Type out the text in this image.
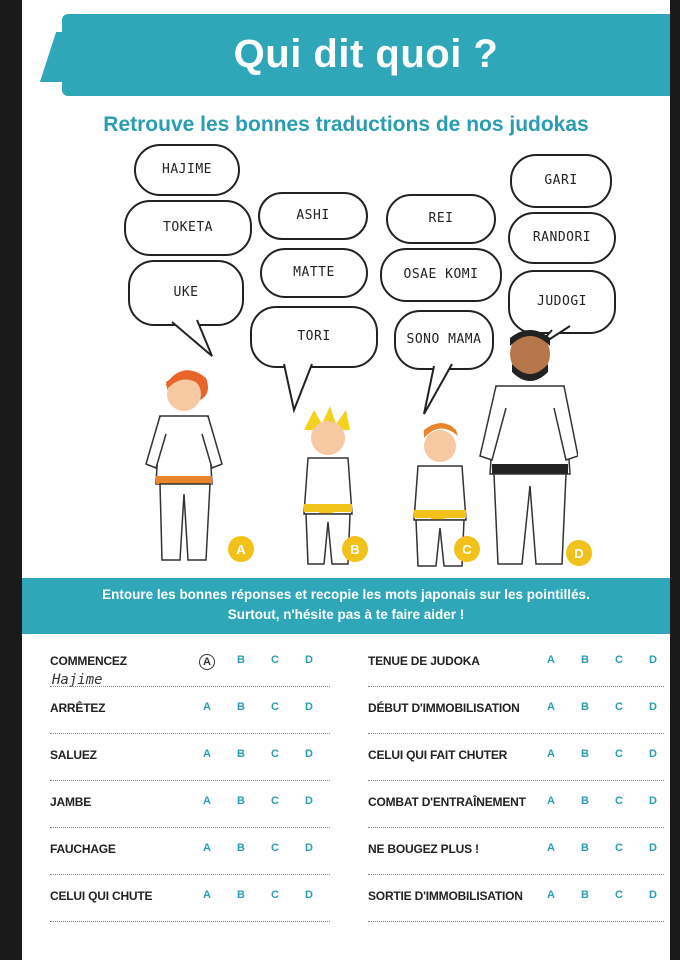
Qui dit quoi ?
Retrouve les bonnes traductions de nos judokas
HAJIME
TOKETA
UKE
ASHI
MATTE
TORI
REI
OSAE KOMI
SONO MAMA
GARI
RANDORI
JUDOGI
A	B	C	D
Entoure les bonnes réponses et recopie les mots japonais sur les pointillés.
Surtout, n'hésite pas à te faire aider !
COMMENCEZ	A	B	C	D
Hajime
ARRÊTEZ	A	B	C	D
SALUEZ	A	B	C	D
JAMBE	A	B	C	D
FAUCHAGE	A	B	C	D
CELUI QUI CHUTE	A	B	C	D
TENUE DE JUDOKA	A	B	C	D
DÉBUT D'IMMOBILISATION	A	B	C	D
CELUI QUI FAIT CHUTER	A	B	C	D
COMBAT D'ENTRAÎNEMENT	A	B	C	D
NE BOUGEZ PLUS !	A	B	C	D
SORTIE D'IMMOBILISATION	A	B	C	D
